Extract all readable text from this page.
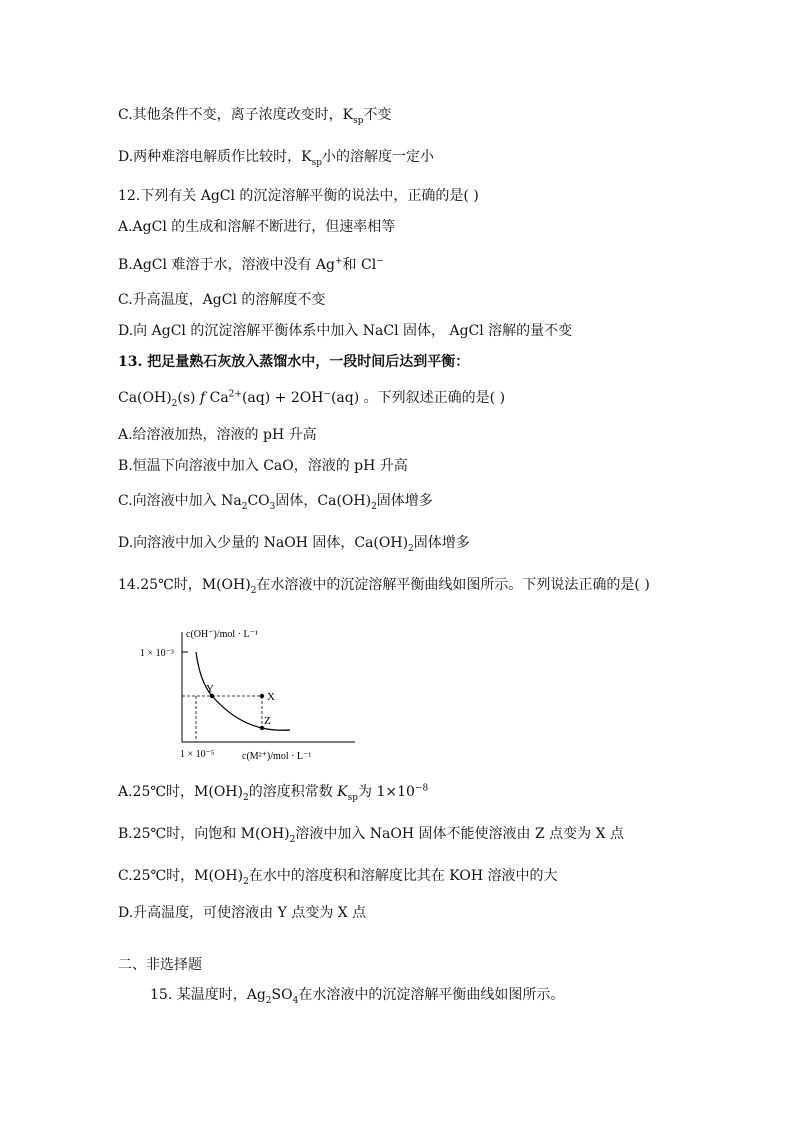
C.其他条件不变，离子浓度改变时，$K_{sp}$不变
D.两种难溶电解质作比较时，$K_{sp}$小的溶解度一定小
12.下列有关 AgCl 的沉淀溶解平衡的说法中，正确的是( )
A.AgCl 的生成和溶解不断进行，但速率相等
B.AgCl 难溶于水，溶液中没有 Ag+和 Cl−
C.升高温度，AgCl 的溶解度不变
D.向 AgCl 的沉淀溶解平衡体系中加入 NaCl 固体， AgCl 溶解的量不变
13. 把足量熟石灰放入蒸馏水中，一段时间后达到平衡：
$Ca(OH)_2(s)$ f $Ca^{2+}(aq) + 2OH^-(aq)$ 。下列叙述正确的是( )
A.给溶液加热，溶液的 pH 升高
B.恒温下向溶液中加入 CaO，溶液的 pH 升高
C.向溶液中加入 $Na_2CO_3$固体，$Ca(OH)_2$固体增多
D.向溶液中加入少量的 NaOH 固体，$Ca(OH)_2$固体增多
14.25℃时，$M(OH)_2$在水溶液中的沉淀溶解平衡曲线如图所示。下列说法正确的是( )
c(OH⁻)/mol · L⁻¹
c(M²⁺)/mol · L⁻¹
1 × 10⁻³
1 × 10⁻⁵
Y
X
Z
A.25℃时，$M(OH)_2$的溶度积常数 $K_{sp}$为 $1\times 10^{-8}$
B.25℃时，向饱和 $M(OH)_2$溶液中加入 NaOH 固体不能使溶液由 Z 点变为 X 点
C.25℃时，$M(OH)_2$在水中的溶度积和溶解度比其在 KOH 溶液中的大
D.升高温度，可使溶液由 Y 点变为 X 点
二、非选择题
15. 某温度时，$Ag_2SO_4$在水溶液中的沉淀溶解平衡曲线如图所示。
